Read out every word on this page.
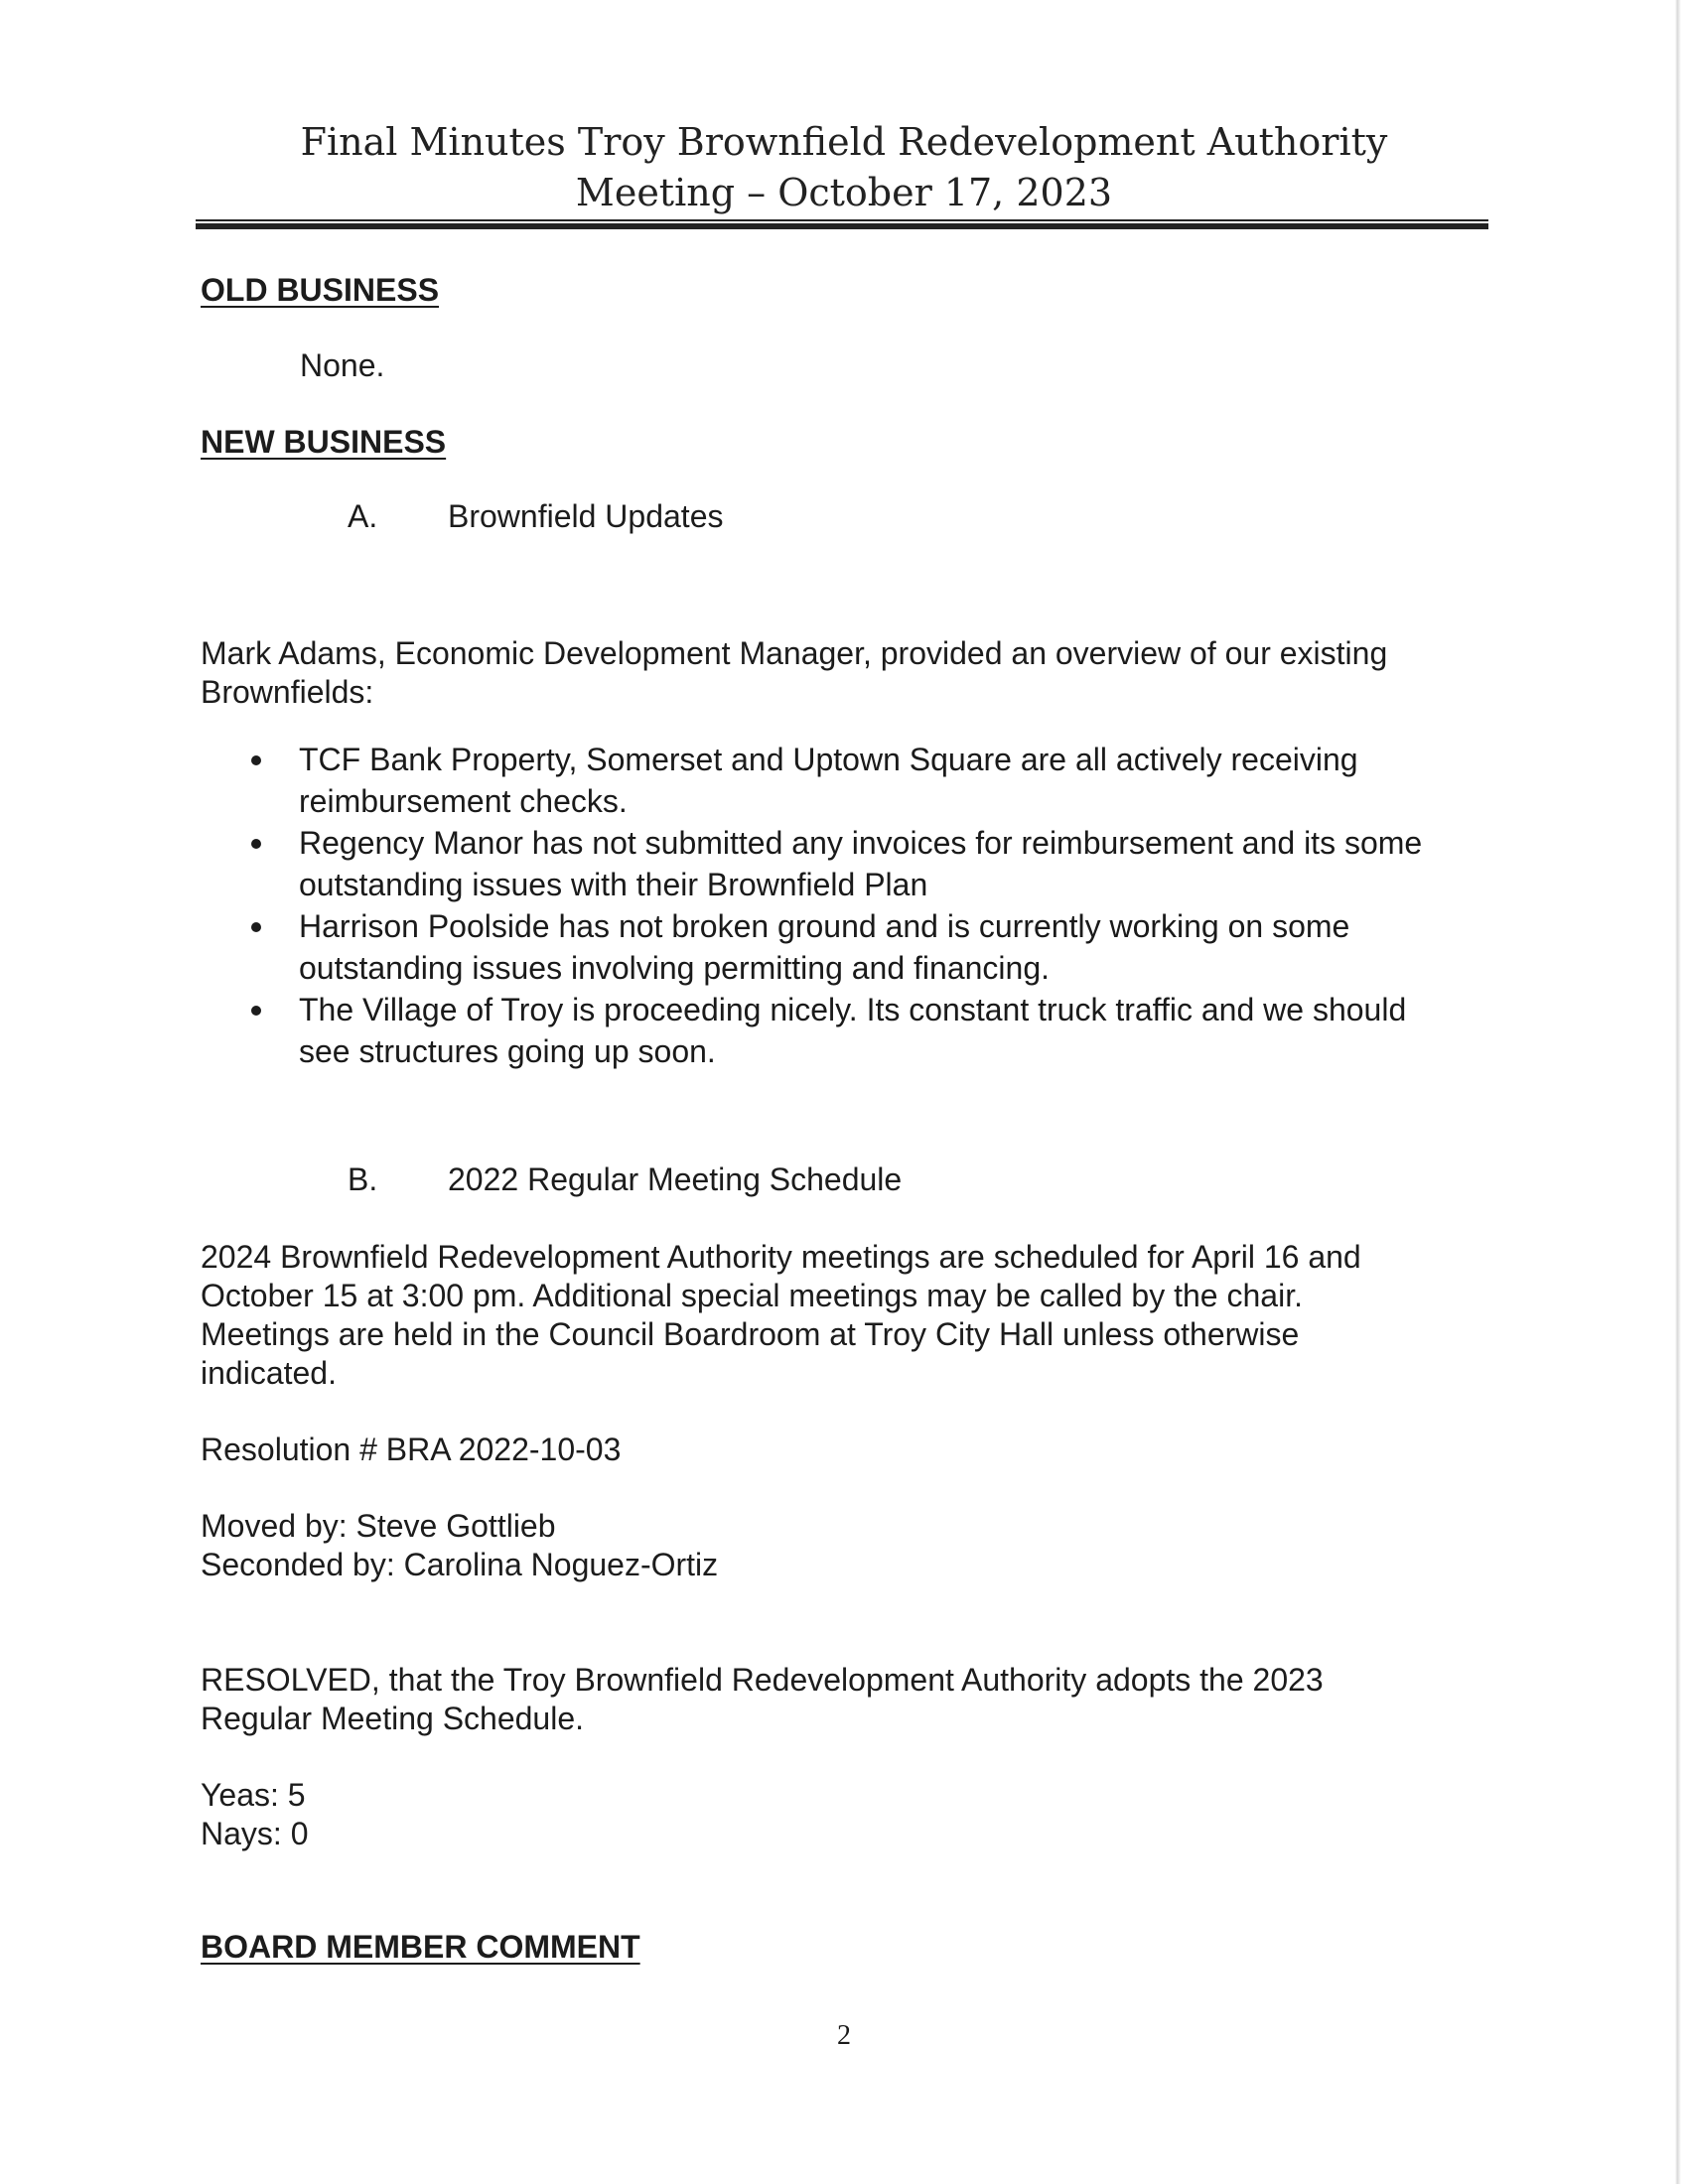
Final Minutes Troy Brownfield Redevelopment Authority
Meeting – October 17, 2023
OLD BUSINESS
None.
NEW BUSINESS
A. Brownfield Updates
Mark Adams, Economic Development Manager, provided an overview of our existing
Brownfields:
TCF Bank Property, Somerset and Uptown Square are all actively receiving
reimbursement checks.
Regency Manor has not submitted any invoices for reimbursement and its some
outstanding issues with their Brownfield Plan
Harrison Poolside has not broken ground and is currently working on some
outstanding issues involving permitting and financing.
The Village of Troy is proceeding nicely. Its constant truck traffic and we should
see structures going up soon.
B. 2022 Regular Meeting Schedule
2024 Brownfield Redevelopment Authority meetings are scheduled for April 16 and
October 15 at 3:00 pm. Additional special meetings may be called by the chair.
Meetings are held in the Council Boardroom at Troy City Hall unless otherwise
indicated.
Resolution # BRA 2022-10-03
Moved by: Steve Gottlieb
Seconded by: Carolina Noguez-Ortiz
RESOLVED, that the Troy Brownfield Redevelopment Authority adopts the 2023
Regular Meeting Schedule.
Yeas: 5
Nays: 0
BOARD MEMBER COMMENT
2
